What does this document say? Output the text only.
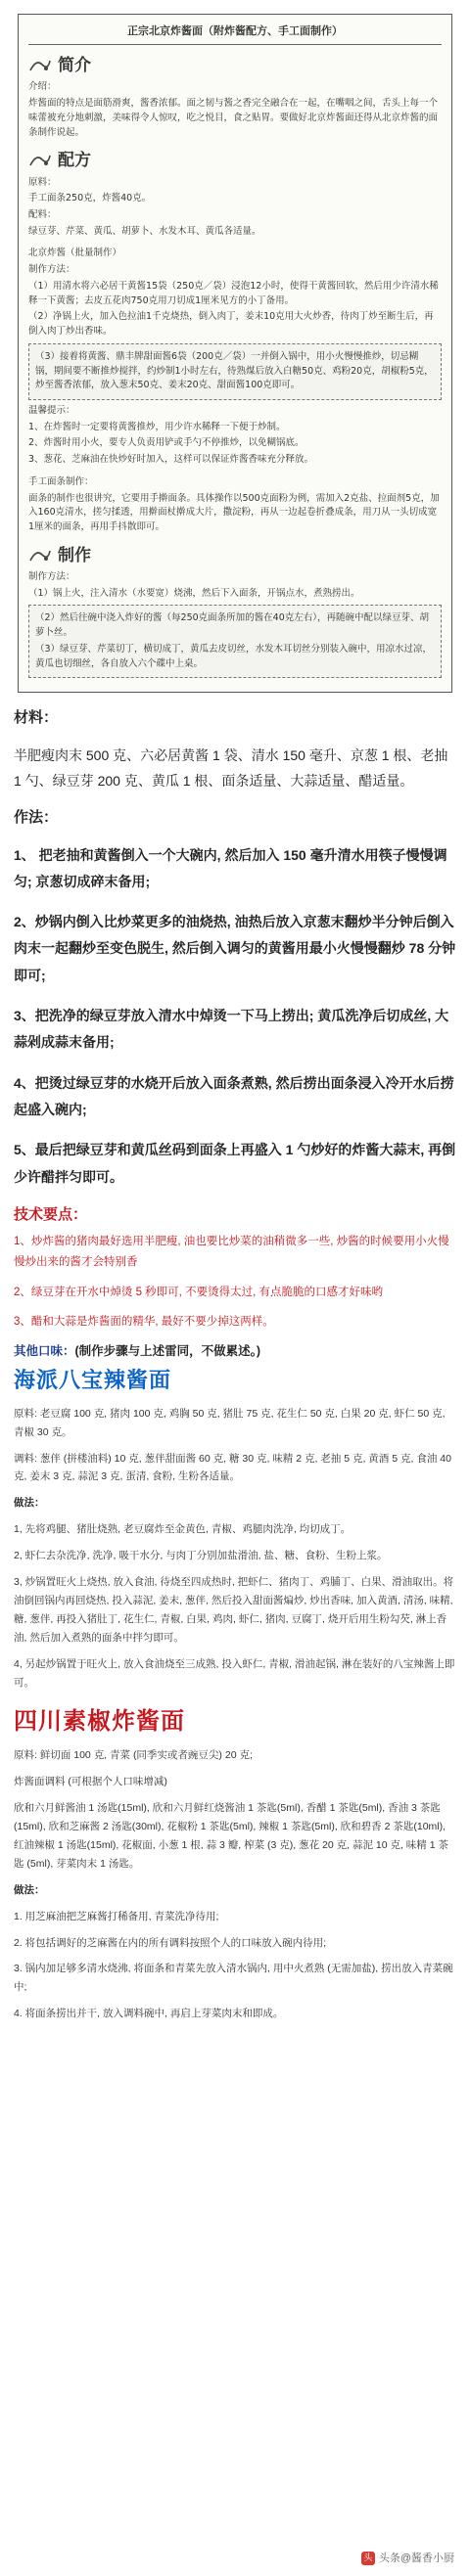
正宗北京炸酱面（附炸酱配方、手工面制作）
简介

介绍：

炸酱面的特点是面筋滑爽，酱香浓郁。面之韧与酱之香完全融合在一起，在嘴咽之间，舌头上每一个味蕾被充分地刺激，美味得令人惊叹，吃之悦目，食之贴胃。要做好北京炸酱面还得从北京炸酱的面条制作说起。

配方

原料：

手工面条250克，炸酱40克。

配料：

绿豆芽、芹菜、黄瓜、胡萝卜、水发木耳、黄瓜各适量。

北京炸酱（批量制作）

制作方法：

（1）用清水将六必居干黄酱15袋（250克／袋）浸泡12小时，使得干黄酱回软，然后用少许清水稀释一下黄酱；去皮五花肉750克用刀切成1厘米见方的小丁备用。

（2）净锅上火，加入色拉油1千克烧热，倒入肉丁，姜末10克用大火炒香，待肉丁炒至断生后，再倒入肉丁炒出香味。

（3）接着将黄酱、鼎丰牌甜面酱6袋（200克／袋）一并倒入锅中，用小火慢慢推炒，切忌糊锅，期间要不断推炒搅拌，约炒制1小时左右，待熟煤后放入白糖50克、鸡粉20克，胡椒粉5克，炒至酱香浓郁，放入葱末50克、姜末20克、甜面酱100克即可。

温馨提示：

1、在炸酱时一定要将黄酱推炒，用少许水稀释一下便于炒制。

2、炸酱时用小火，要专人负责用铲或手勺不停推炒，以免糊锅底。

3、葱花、芝麻油在快炒好时加入，这样可以保证炸酱香味充分释放。

手工面条制作：

面条的制作也很讲究，它要用手擀面条。具体操作以500克面粉为例，需加入2克盐、拉面剂5克，加入160克清水，搓匀揉透，用擀面杖擀成大片，撒淀粉，再从一边起卷折叠成条，用刀从一头切成宽1厘米的面条，再用手抖散即可。

制作

制作方法：

（1）锅上火，注入清水（水要宽）烧沸，然后下入面条，开锅点水，煮熟捞出。

（2）然后往碗中浇入炸好的酱（每250克面条所加的酱在40克左右），再随碗中配以绿豆芽、胡萝卜丝。

（3）绿豆芽、芹菜切丁，横切成丁，黄瓜去皮切丝，水发木耳切丝分别装入碗中，用凉水过凉，黄瓜也切细丝，各自放入六个碟中上桌。

材料：

半肥瘦肉末 500 克、六必居黄酱 1 袋、清水 150 毫升、京葱 1 根、老抽 1 勺、绿豆芽 200 克、黄瓜 1 根、面条适量、大蒜适量、醋适量。

作法：

1、 把老抽和黄酱倒入一个大碗内, 然后加入 150 毫升清水用筷子慢慢调匀; 京葱切成碎末备用;
2、炒锅内倒入比炒菜更多的油烧热, 油热后放入京葱末翻炒半分钟后倒入肉末一起翻炒至变色脱生, 然后倒入调匀的黄酱用最小火慢慢翻炒 78 分钟即可;
3、把洗净的绿豆芽放入清水中焯烫一下马上捞出; 黄瓜洗净后切成丝, 大蒜剁成蒜末备用;
4、把烫过绿豆芽的水烧开后放入面条煮熟, 然后捞出面条浸入冷开水后捞起盛入碗内;
5、最后把绿豆芽和黄瓜丝码到面条上再盛入 1 勺炒好的炸酱大蒜末, 再倒少许醋拌匀即可。
技术要点：
1、炒炸酱的猪肉最好选用半肥瘦, 油也要比炒菜的油稍微多一些, 炒酱的时候要用小火慢慢炒出来的酱才会特别香
2、绿豆芽在开水中焯烫 5 秒即可, 不要烫得太过, 有点脆脆的口感才好味哟
3、醋和大蒜是炸酱面的精华, 最好不要少掉这两样。
其他口味：(制作步骤与上述雷同，不做累述。)
海派八宝辣酱面
原料: 老豆腐 100 克, 猪肉 100 克, 鸡胸 50 克, 猪肚 75 克, 花生仁 50 克, 白果 20 克, 虾仁 50 克, 青椒 30 克。
调料: 葱伴 (拼楼油料) 10 克, 葱伴甜面酱 60 克, 糖 30 克, 味精 2 克, 老抽 5 克, 黄酒 5 克, 食油 40 克, 姜末 3 克, 蒜泥 3 克, 蛋清, 食粉, 生粉各适量。
做法：
1, 先将鸡腿、猪肚烧熟, 老豆腐炸至金黄色, 青椒、鸡腿肉洗净, 均切成丁。
2, 虾仁去杂洗净, 洗净, 吸干水分, 与肉丁分别加盐滑油, 盐、糖、食粉、生粉上浆。
3, 炒锅置旺火上烧热, 放入食油, 待烧至四成热时, 把虾仁、猪肉丁、鸡脯丁、白果、滑油取出。将油倒回锅内再回烧热, 投入蒜泥, 姜末, 葱伴, 然后投入甜面酱煸炒, 炒出香味, 加入黄酒, 清汤, 味精, 糖, 葱伴, 再投入猪肚丁, 花生仁, 青椒, 白果, 鸡肉, 虾仁, 猪肉, 豆腐丁, 烧开后用生粉勾芡, 淋上香油, 然后加入煮熟的面条中拌匀即可。
4, 另起炒锅置于旺火上, 放入食油烧至三成熟, 投入虾仁, 青椒, 滑油起锅, 淋在装好的八宝辣酱上即可。
四川素椒炸酱面
原料: 鲜切面 100 克, 青菜 (同季实或者豌豆尖) 20 克;
炸酱面调料 (可根据个人口味增减)
欣和六月鲜酱油 1 汤匙(15ml), 欣和六月鲜红烧酱油 1 茶匙(5ml), 香醋 1 茶匙(5ml), 香油 3 茶匙(15ml), 欣和芝麻酱 2 汤匙(30ml), 花椒粉 1 茶匙(5ml), 辣椒 1 茶匙(5ml), 欣和碧香 2 茶匙(10ml), 红油辣椒 1 汤匙(15ml), 花椒面, 小葱 1 根, 蒜 3 瓣, 榨菜 (3 克), 葱花 20 克, 蒜泥 10 克, 味精 1 茶匙 (5ml), 芽菜肉末 1 汤匙。
做法：
1. 用芝麻油把芝麻酱打稀备用, 青菜洗净待用;
2. 将包括调好的芝麻酱在内的所有调料按照个人的口味放入碗内待用;
3. 锅内加足够多清水烧沸, 将面条和青菜先放入清水锅内, 用中火煮熟 (无需加盐), 捞出放入青菜碗中;
4. 将面条捞出并干, 放入调料碗中, 再启上芽菜肉末和即成。
头 头条@酱香小厨
